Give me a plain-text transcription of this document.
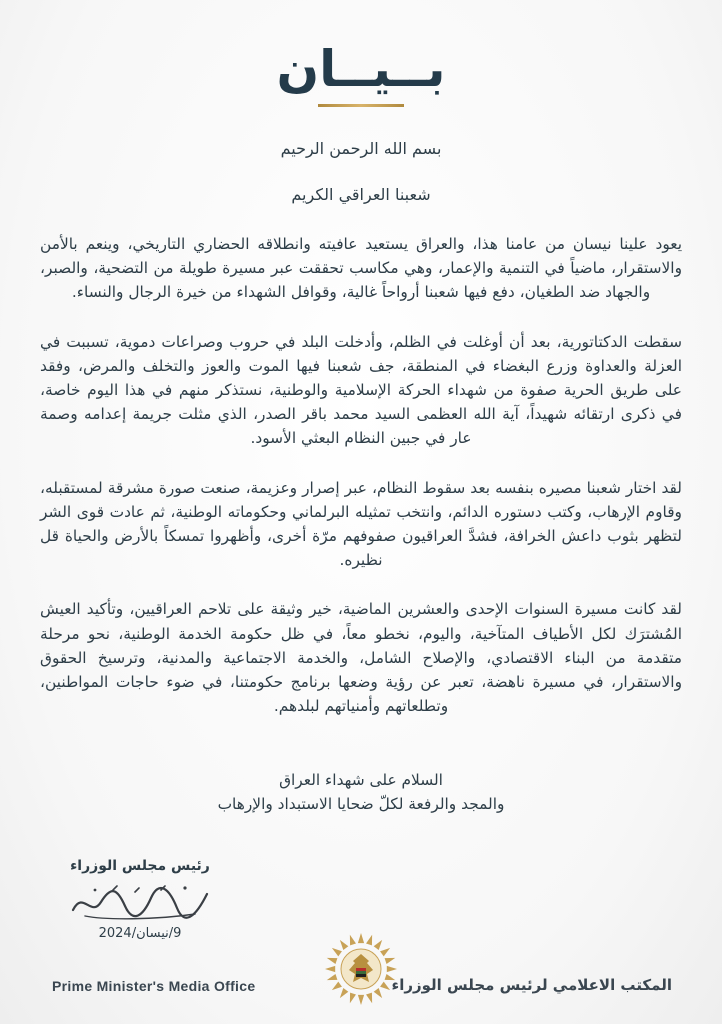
بــيــان
بسم الله الرحمن الرحيم
شعبنا العراقي الكريم

يعود علينا نيسان من عامنا هذا، والعراق يستعيد عافيته وانطلاقه الحضاري التاريخي، وينعم بالأمن والاستقرار، ماضياً في التنمية والإعمار، وهي مكاسب تحققت عبر مسيرة طويلة من التضحية، والصبر، والجهاد ضد الطغيان، دفع فيها شعبنا أرواحاً غالية، وقوافل الشهداء من خيرة الرجال والنساء.

سقطت الدكتاتورية، بعد أن أوغلت في الظلم، وأدخلت البلد في حروب وصراعات دموية، تسببت في العزلة والعداوة وزرع البغضاء في المنطقة، جف شعبنا فيها الموت والعوز والتخلف والمرض، وفقد على طريق الحرية صفوة من شهداء الحركة الإسلامية والوطنية، نستذكر منهم في هذا اليوم خاصة، في ذكرى ارتقائه شهيداً، آية الله العظمى السيد محمد باقر الصدر، الذي مثلت جريمة إعدامه وصمة عار في جبين النظام البعثي الأسود.

لقد اختار شعبنا مصيره بنفسه بعد سقوط النظام، عبر إصرار وعزيمة، صنعت صورة مشرقة لمستقبله، وقاوم الإرهاب، وكتب دستوره الدائم، وانتخب تمثيله البرلماني وحكوماته الوطنية، ثم عادت قوى الشر لتظهر بثوب داعش الخرافة، فشدَّ العراقيون صفوفهم مرّة أخرى، وأظهروا تمسكاً بالأرض والحياة قل نظيره.

لقد كانت مسيرة السنوات الإحدى والعشرين الماضية، خير وثيقة على تلاحم العراقيين، وتأكيد العيش المُشترَك لكل الأطياف المتآخية، واليوم، نخطو معاً، في ظل حكومة الخدمة الوطنية، نحو مرحلة متقدمة من البناء الاقتصادي، والإصلاح الشامل، والخدمة الاجتماعية والمدنية، وترسيخ الحقوق والاستقرار، في مسيرة ناهضة، تعبر عن رؤية وضعها برنامج حكومتنا، في ضوء حاجات المواطنين، وتطلعاتهم وأمنياتهم لبلدهم.

السلام على شهداء العراق
والمجد والرفعة لكلّ ضحايا الاستبداد والإرهاب
رئيس مجلس الوزراء
9/نيسان/2024
Prime Minister's Media Office	المكتب الاعلامي لرئيس مجلس الوزراء
